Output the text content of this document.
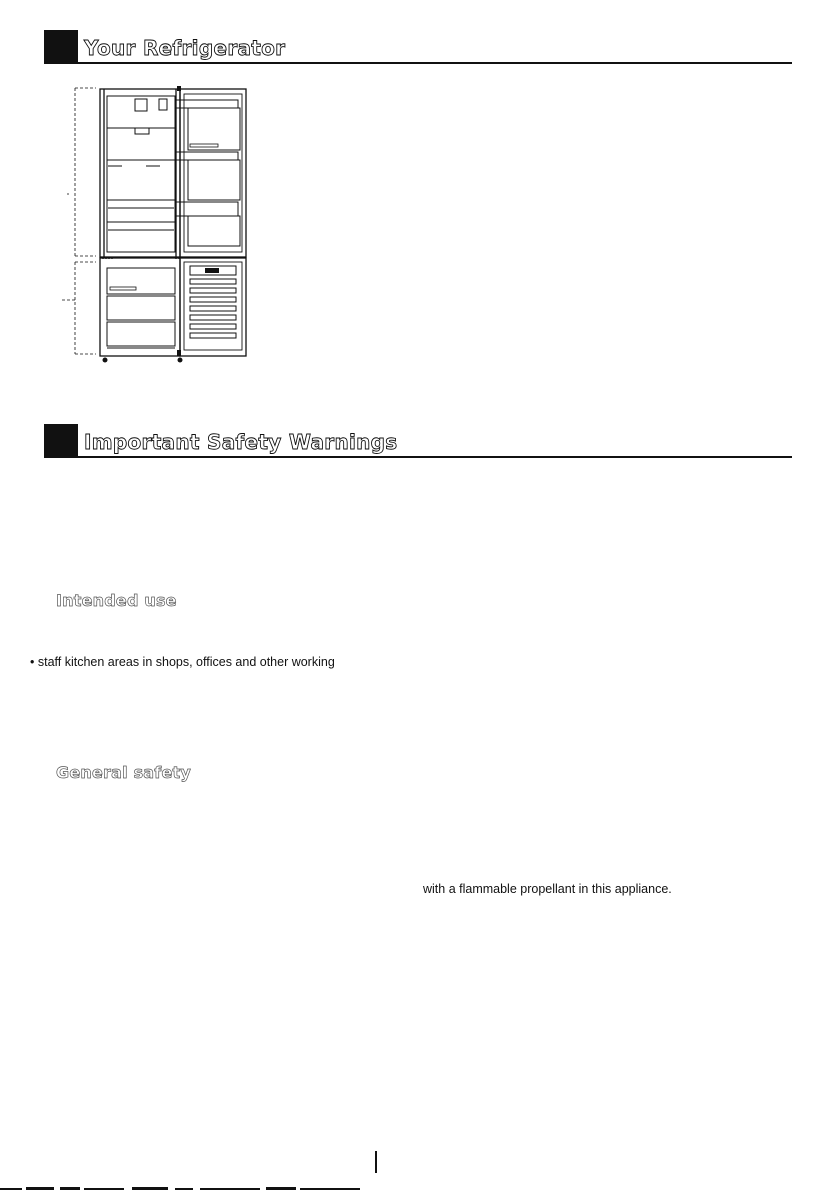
Your Refrigerator
Important Safety Warnings
Intended use
• staff kitchen areas in shops, offices and other working
General safety
with a flammable propellant in this appliance.
